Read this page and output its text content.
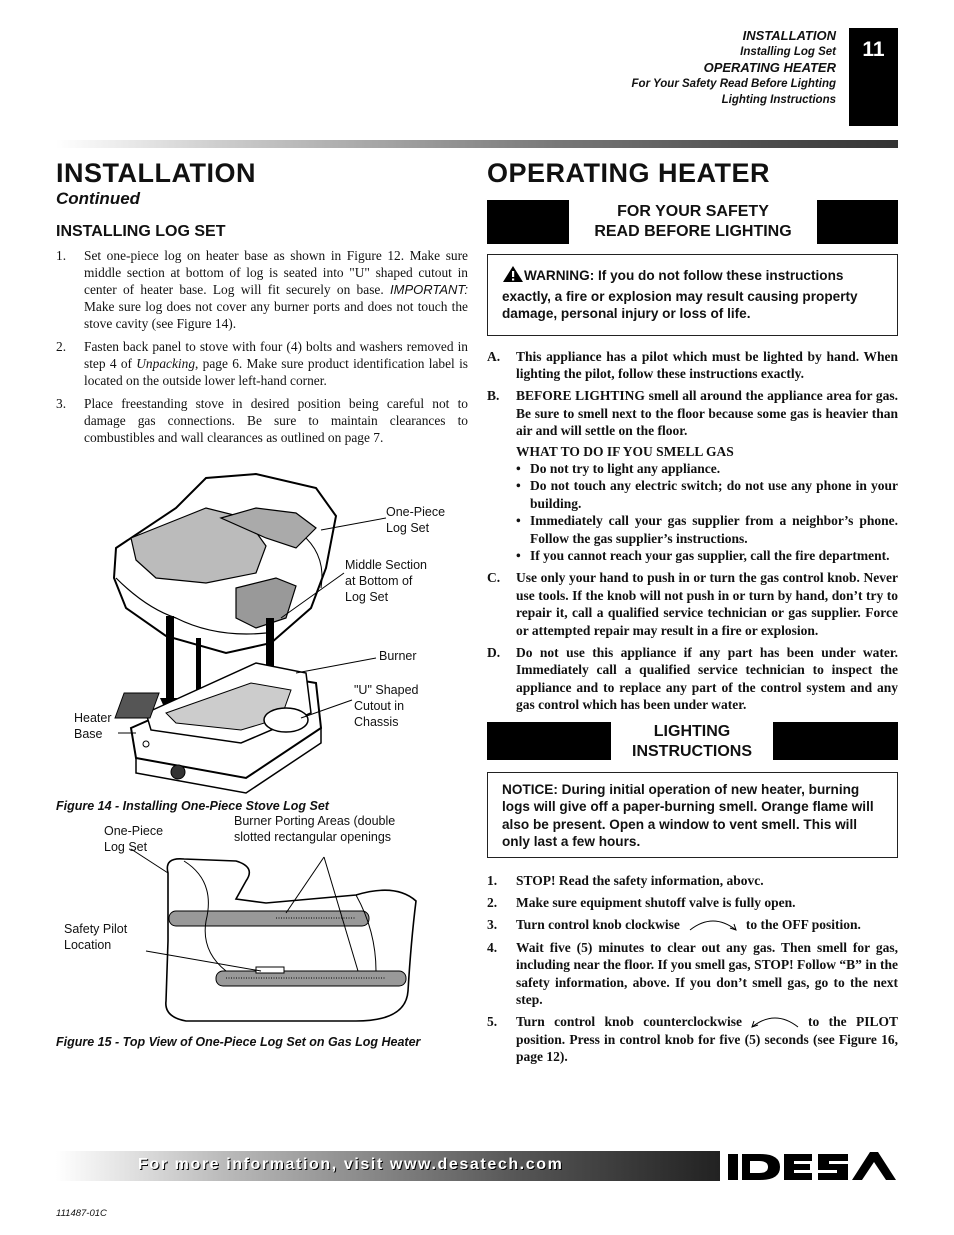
INSTALLATION
Installing Log Set
OPERATING HEATER
For Your Safety Read Before Lighting
Lighting Instructions
11
INSTALLATION
Continued
INSTALLING LOG SET
1.	Set one-piece log on heater base as shown in Figure 12. Make sure middle section at bottom of log is seated into "U" shaped cutout in center of heater base. Log will fit securely on base. IMPORTANT: Make sure log does not cover any burner ports and does not touch the stove cavity (see Figure 14).
2.	Fasten back panel to stove with four (4) bolts and washers removed in step 4 of Unpacking, page 6. Make sure product identification label is located on the outside lower left-hand corner.
3.	Place freestanding stove in desired position being careful not to damage gas connections. Be sure to maintain clearances to combustibles and wall clearances as outlined on page 7.
One-Piece
Log Set
Middle Section
at Bottom of
Log Set
Burner
"U" Shaped
Cutout in
Chassis
Heater
Base
Figure 14 - Installing One-Piece Stove Log Set
One-Piece
Log Set
Burner Porting Areas (double
slotted rectangular openings
Safety Pilot
Location
Figure 15 - Top View of One-Piece Log Set on Gas Log Heater
OPERATING HEATER
FOR YOUR SAFETY
READ BEFORE LIGHTING
WARNING: If you do not follow these instructions exactly, a fire or explosion may result causing property damage, personal injury or loss of life.
A.	This appliance has a pilot which must be lighted by hand. When lighting the pilot, follow these instructions exactly.
B.	BEFORE LIGHTING smell all around the appliance area for gas. Be sure to smell next to the floor because some gas is heavier than air and will settle on the floor.
WHAT TO DO IF YOU SMELL GAS
• Do not try to light any appliance.
• Do not touch any electric switch; do not use any phone in your building.
• Immediately call your gas supplier from a neighbor’s phone. Follow the gas supplier’s instructions.
• If you cannot reach your gas supplier, call the fire department.
C.	Use only your hand to push in or turn the gas control knob. Never use tools. If the knob will not push in or turn by hand, don’t try to repair it, call a qualified service technician or gas supplier. Force or attempted repair may result in a fire or explosion.
D.	Do not use this appliance if any part has been under water. Immediately call a qualified service technician to inspect the appliance and to replace any part of the control system and any gas control which has been under water.
LIGHTING
INSTRUCTIONS
NOTICE: During initial operation of new heater, burning logs will give off a paper-burning smell. Orange flame will also be present. Open a window to vent smell. This will only last a few hours.
1.	STOP! Read the safety information, abovc.
2.	Make sure equipment shutoff valve is fully open.
3.	Turn control knob clockwise	to the OFF position.
4.	Wait five (5) minutes to clear out any gas. Then smell for gas, including near the floor. If you smell gas, STOP! Follow “B” in the safety information, above. If you don’t smell gas, go to the next step.
5.	Turn control knob counterclockwise	to the PILOT position. Press in control knob for five (5) seconds (see Figure 16, page 12).
For more information, visit www.desatech.com
DESA
111487-01C
